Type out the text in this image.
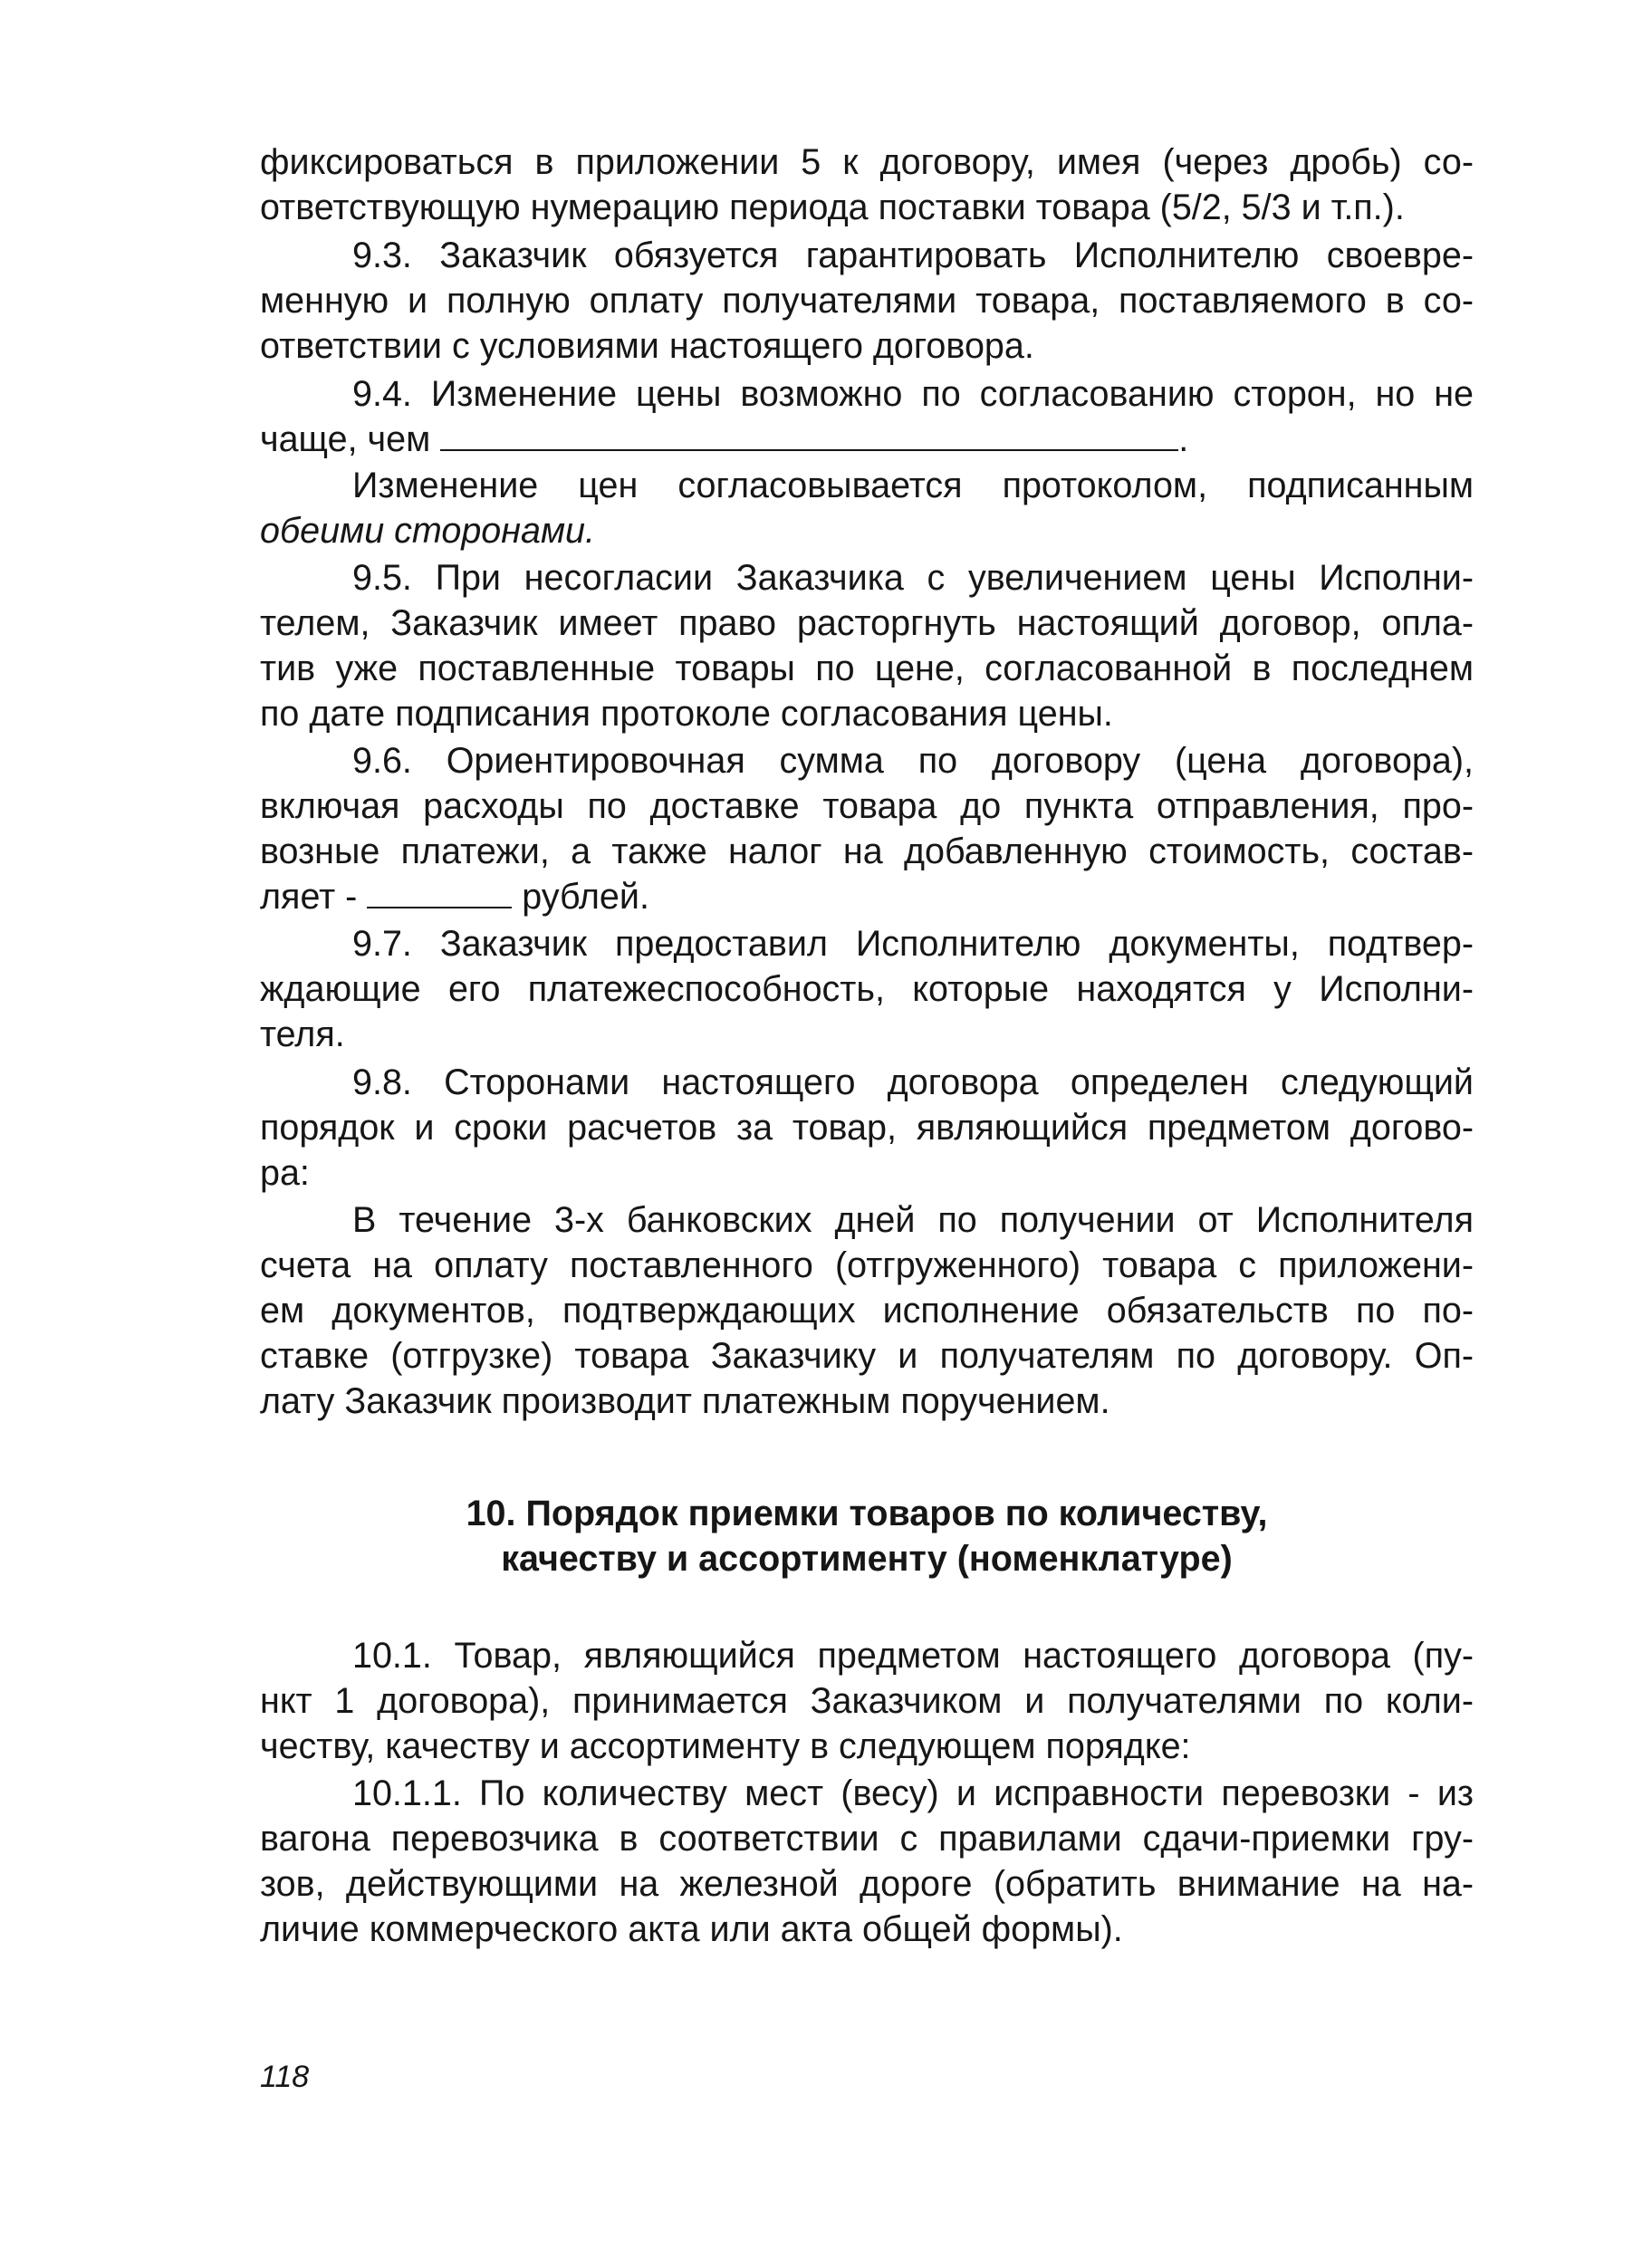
фиксироваться в приложении 5 к договору, имея (через дробь) со-
ответствующую нумерацию периода поставки товара (5/2, 5/3 и т.п.).
9.3. Заказчик обязуется гарантировать Исполнителю своевре-
менную и полную оплату получателями товара, поставляемого в со-
ответствии с условиями настоящего договора.
9.4. Изменение цены возможно по согласованию сторон, но не
чаще, чем	.
Изменение цен согласовывается протоколом, подписанным
обеими сторонами.
9.5. При несогласии Заказчика с увеличением цены Исполни-
телем, Заказчик имеет право расторгнуть настоящий договор, опла-
тив уже поставленные товары по цене, согласованной в последнем
по дате подписания протоколе согласования цены.
9.6. Ориентировочная сумма по договору (цена договора),
включая расходы по доставке товара до пункта отправления, про-
возные платежи, а также налог на добавленную стоимость, состав-
ляет -	рублей.
9.7. Заказчик предоставил Исполнителю документы, подтвер-
ждающие его платежеспособность, которые находятся у Исполни-
теля.
9.8. Сторонами настоящего договора определен следующий
порядок и сроки расчетов за товар, являющийся предметом догово-
ра:
В течение 3-х банковских дней по получении от Исполнителя
счета на оплату поставленного (отгруженного) товара с приложени-
ем документов, подтверждающих исполнение обязательств по по-
ставке (отгрузке) товара Заказчику и получателям по договору. Оп-
лату Заказчик производит платежным поручением.
10. Порядок приемки товаров по количеству,
качеству и ассортименту (номенклатуре)
10.1. Товар, являющийся предметом настоящего договора (пу-
нкт 1 договора), принимается Заказчиком и получателями по коли-
честву, качеству и ассортименту в следующем порядке:
10.1.1. По количеству мест (весу) и исправности перевозки - из
вагона перевозчика в соответствии с правилами сдачи-приемки гру-
зов, действующими на железной дороге (обратить внимание на на-
личие коммерческого акта или акта общей формы).
118
